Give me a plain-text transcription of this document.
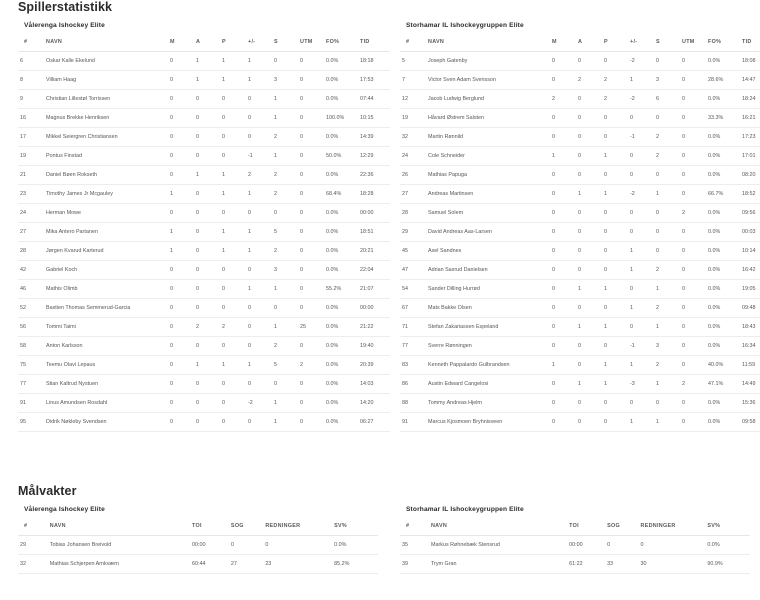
Spillerstatistikk
Vålerenga Ishockey Elite
#	NAVN	M	A	P	+/-	S	UTM	FO%	TID
6	Oskar Kalle Ekelund	0	1	1	1	0	0	0.0%	18:18
8	Villiam Haag	0	1	1	1	3	0	0.0%	17:53
9	Christian Lillestøl Torrissen	0	0	0	0	1	0	0.0%	07:44
16	Magnus Brekke Henriksen	0	0	0	0	1	0	100.0%	10:15
17	Mikkel Seiergren Christiansen	0	0	0	0	2	0	0.0%	14:39
19	Pontus Finstad	0	0	0	-1	1	0	50.0%	12:29
21	Daniel Bøen Rokseth	0	1	1	2	2	0	0.0%	22:36
23	Timothy James Jr Mcgauley	1	0	1	1	2	0	68.4%	18:28
24	Herman Mowe	0	0	0	0	0	0	0.0%	00:00
27	Mika Antero Partanen	1	0	1	1	5	0	0.0%	18:51
28	Jørgen Kvarud Karterud	1	0	1	1	2	0	0.0%	20:21
42	Gabriel Koch	0	0	0	0	3	0	0.0%	22:04
46	Mathis Olimb	0	0	0	1	1	0	55.2%	21:07
52	Bastien Thomas Semmerud-Garcia	0	0	0	0	0	0	0.0%	00:00
56	Tommi Taimi	0	2	2	0	1	25	0.0%	21:22
58	Anton Karlsson	0	0	0	0	2	0	0.0%	19:40
75	Teemu Olavi Lepaus	0	1	1	1	5	2	0.0%	20:39
77	Stian Kaltrud Nystuen	0	0	0	0	0	0	0.0%	14:03
91	Linus Amundsen Rosdahl	0	0	0	-2	1	0	0.0%	14:20
95	Didrik Nøkleby Svendsen	0	0	0	0	1	0	0.0%	06:27
Storhamar IL Ishockeygruppen Elite
#	NAVN	M	A	P	+/-	S	UTM	FO%	TID
5	Joseph Gatenby	0	0	0	-2	0	0	0.0%	18:08
7	Victor Sven Adam Svensson	0	2	2	1	3	0	28.6%	14:47
12	Jacob Ludwig Berglund	2	0	2	-2	6	0	0.0%	18:24
19	Håvard Østrem Salsten	0	0	0	0	0	0	33.3%	16:21
32	Martin Rønnild	0	0	0	-1	2	0	0.0%	17:23
24	Cole Schneider	1	0	1	0	2	0	0.0%	17:01
26	Mathias Papuga	0	0	0	0	0	0	0.0%	08:20
27	Andreas Martinsen	0	1	1	-2	1	0	66.7%	18:52
28	Samuel Solem	0	0	0	0	0	2	0.0%	09:56
29	David Andreas Aas-Larsen	0	0	0	0	0	0	0.0%	00:03
45	Axel Sandnes	0	0	0	1	0	0	0.0%	10:14
47	Adrian Saxrud Danielsen	0	0	0	1	2	0	0.0%	16:42
54	Sander Dilling Hurrød	0	1	1	0	1	0	0.0%	19:05
67	Mats Bakke Olsen	0	0	0	1	2	0	0.0%	09:48
71	Stefan Zakariassen Espeland	0	1	1	0	1	0	0.0%	18:43
77	Sverre Rønningen	0	0	0	-1	3	0	0.0%	16:34
83	Kenneth Pappalardo Gulbrandsen	1	0	1	1	2	0	40.0%	11:59
86	Austin Edward Cangelosi	0	1	1	-3	1	2	47.1%	14:49
88	Tommy Andreas Hjelm	0	0	0	0	0	0	0.0%	15:36
91	Marcus Kjosmoen Bryhnisveen	0	0	0	1	1	0	0.0%	09:58
Målvakter
Vålerenga Ishockey Elite
#	NAVN	TOI	SOG	REDNINGER	SV%
29	Tobias Johansen Breivold	00:00	0	0	0.0%
32	Mathias Schjerpen Arnkværn	60:44	27	23	85.2%
Storhamar IL Ishockeygruppen Elite
#	NAVN	TOI	SOG	REDNINGER	SV%
35	Markus Røhnebæk Stensrud	00:00	0	0	0.0%
39	Trym Gran	61:22	33	30	90.9%
